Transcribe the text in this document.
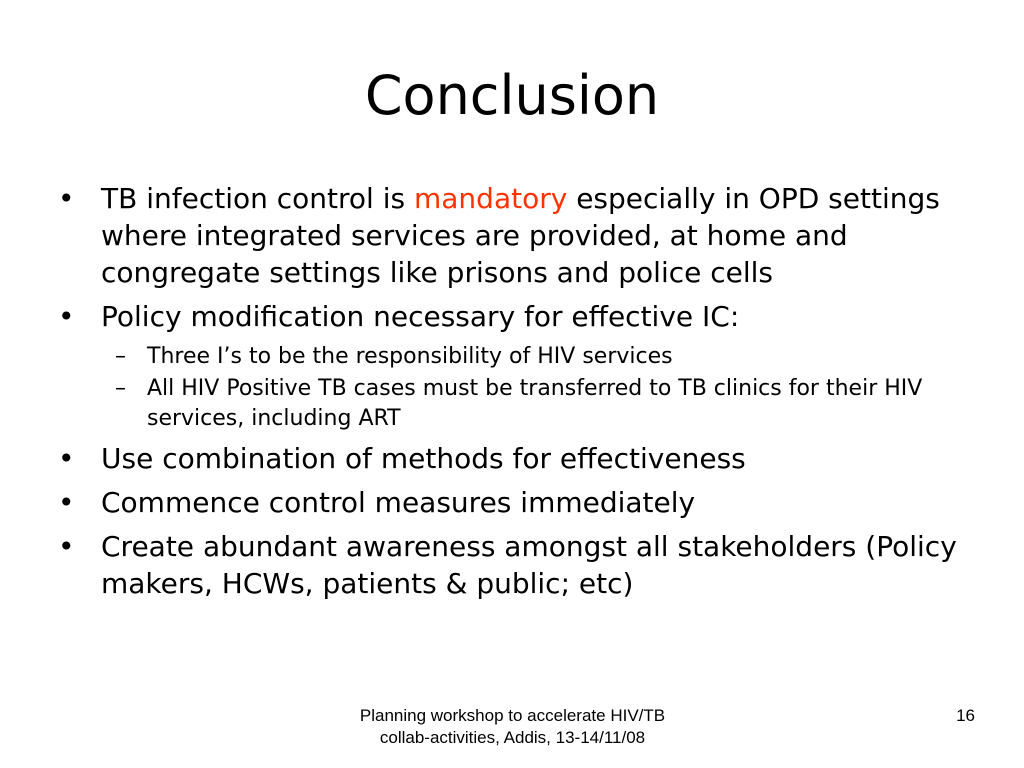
Conclusion
• TB infection control is mandatory especially in OPD settings where integrated services are provided, at home and congregate settings like prisons and police cells
• Policy modification necessary for effective IC:
– Three I’s to be the responsibility of HIV services
– All HIV Positive TB cases must be transferred to TB clinics for their HIV services, including ART
• Use combination of methods for effectiveness
• Commence control measures immediately
• Create abundant awareness amongst all stakeholders (Policy makers, HCWs, patients & public; etc)
Planning workshop to accelerate HIV/TB collab-activities, Addis, 13-14/11/08
16
